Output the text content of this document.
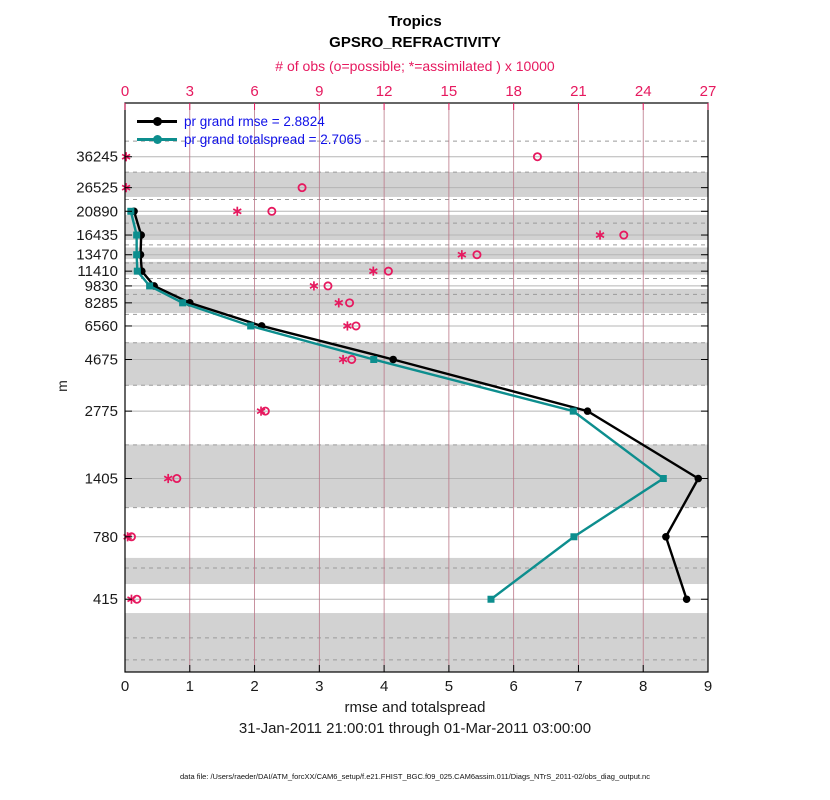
Tropics
GPSRO_REFRACTIVITY
# of obs (o=possible; *=assimilated ) x 10000
0	1	2	3	4	5	6	7	8	9
0	3	6	9	12	15	18	21	24	27
36245
26525
20890
16435
13470
11410
9830
8285
6560
4675
2775
1405
780
415
pr grand rmse = 2.8824
pr grand totalspread = 2.7065
m
rmse and totalspread
31-Jan-2011 21:00:01 through 01-Mar-2011 03:00:00
data file: /Users/raeder/DAI/ATM_forcXX/CAM6_setup/f.e21.FHIST_BGC.f09_025.CAM6assim.011/Diags_NTrS_2011-02/obs_diag_output.nc
